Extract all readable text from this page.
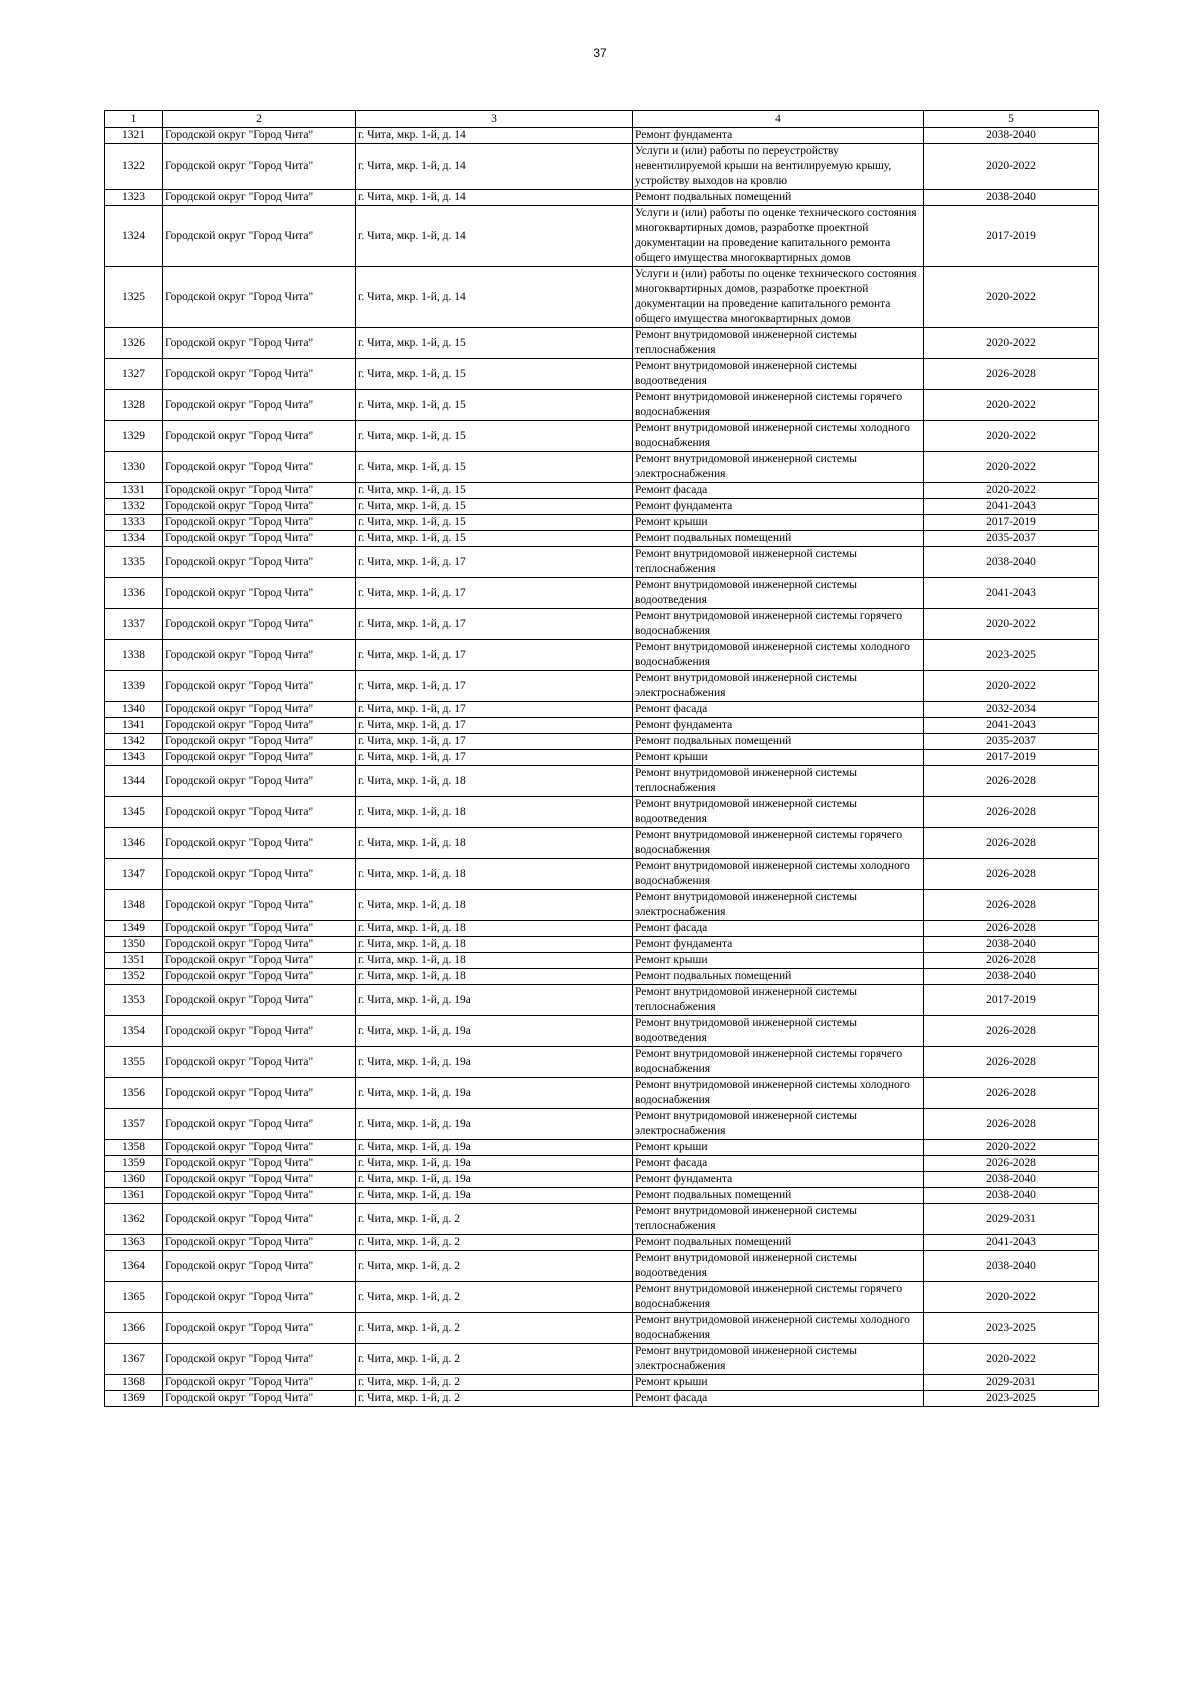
37
1	2	3	4	5
1321	Городской округ "Город Чита"	г. Чита, мкр. 1-й, д. 14	Ремонт фундамента	2038-2040
1322	Городской округ "Город Чита"	г. Чита, мкр. 1-й, д. 14	Услуги и (или) работы по переустройству невентилируемой крыши на вентилируемую крышу, устройству выходов на кровлю	2020-2022
1323	Городской округ "Город Чита"	г. Чита, мкр. 1-й, д. 14	Ремонт подвальных помещений	2038-2040
1324	Городской округ "Город Чита"	г. Чита, мкр. 1-й, д. 14	Услуги и (или) работы по оценке технического состояния многоквартирных домов, разработке проектной документации на проведение капитального ремонта общего имущества многоквартирных домов	2017-2019
1325	Городской округ "Город Чита"	г. Чита, мкр. 1-й, д. 14	Услуги и (или) работы по оценке технического состояния многоквартирных домов, разработке проектной документации на проведение капитального ремонта общего имущества многоквартирных домов	2020-2022
1326	Городской округ "Город Чита"	г. Чита, мкр. 1-й, д. 15	Ремонт внутридомовой инженерной системы теплоснабжения	2020-2022
1327	Городской округ "Город Чита"	г. Чита, мкр. 1-й, д. 15	Ремонт внутридомовой инженерной системы водоотведения	2026-2028
1328	Городской округ "Город Чита"	г. Чита, мкр. 1-й, д. 15	Ремонт внутридомовой инженерной системы горячего водоснабжения	2020-2022
1329	Городской округ "Город Чита"	г. Чита, мкр. 1-й, д. 15	Ремонт внутридомовой инженерной системы холодного водоснабжения	2020-2022
1330	Городской округ "Город Чита"	г. Чита, мкр. 1-й, д. 15	Ремонт внутридомовой инженерной системы электроснабжения	2020-2022
1331	Городской округ "Город Чита"	г. Чита, мкр. 1-й, д. 15	Ремонт фасада	2020-2022
1332	Городской округ "Город Чита"	г. Чита, мкр. 1-й, д. 15	Ремонт фундамента	2041-2043
1333	Городской округ "Город Чита"	г. Чита, мкр. 1-й, д. 15	Ремонт крыши	2017-2019
1334	Городской округ "Город Чита"	г. Чита, мкр. 1-й, д. 15	Ремонт подвальных помещений	2035-2037
1335	Городской округ "Город Чита"	г. Чита, мкр. 1-й, д. 17	Ремонт внутридомовой инженерной системы теплоснабжения	2038-2040
1336	Городской округ "Город Чита"	г. Чита, мкр. 1-й, д. 17	Ремонт внутридомовой инженерной системы водоотведения	2041-2043
1337	Городской округ "Город Чита"	г. Чита, мкр. 1-й, д. 17	Ремонт внутридомовой инженерной системы горячего водоснабжения	2020-2022
1338	Городской округ "Город Чита"	г. Чита, мкр. 1-й, д. 17	Ремонт внутридомовой инженерной системы холодного водоснабжения	2023-2025
1339	Городской округ "Город Чита"	г. Чита, мкр. 1-й, д. 17	Ремонт внутридомовой инженерной системы электроснабжения	2020-2022
1340	Городской округ "Город Чита"	г. Чита, мкр. 1-й, д. 17	Ремонт фасада	2032-2034
1341	Городской округ "Город Чита"	г. Чита, мкр. 1-й, д. 17	Ремонт фундамента	2041-2043
1342	Городской округ "Город Чита"	г. Чита, мкр. 1-й, д. 17	Ремонт подвальных помещений	2035-2037
1343	Городской округ "Город Чита"	г. Чита, мкр. 1-й, д. 17	Ремонт крыши	2017-2019
1344	Городской округ "Город Чита"	г. Чита, мкр. 1-й, д. 18	Ремонт внутридомовой инженерной системы теплоснабжения	2026-2028
1345	Городской округ "Город Чита"	г. Чита, мкр. 1-й, д. 18	Ремонт внутридомовой инженерной системы водоотведения	2026-2028
1346	Городской округ "Город Чита"	г. Чита, мкр. 1-й, д. 18	Ремонт внутридомовой инженерной системы горячего водоснабжения	2026-2028
1347	Городской округ "Город Чита"	г. Чита, мкр. 1-й, д. 18	Ремонт внутридомовой инженерной системы холодного водоснабжения	2026-2028
1348	Городской округ "Город Чита"	г. Чита, мкр. 1-й, д. 18	Ремонт внутридомовой инженерной системы электроснабжения	2026-2028
1349	Городской округ "Город Чита"	г. Чита, мкр. 1-й, д. 18	Ремонт фасада	2026-2028
1350	Городской округ "Город Чита"	г. Чита, мкр. 1-й, д. 18	Ремонт фундамента	2038-2040
1351	Городской округ "Город Чита"	г. Чита, мкр. 1-й, д. 18	Ремонт крыши	2026-2028
1352	Городской округ "Город Чита"	г. Чита, мкр. 1-й, д. 18	Ремонт подвальных помещений	2038-2040
1353	Городской округ "Город Чита"	г. Чита, мкр. 1-й, д. 19а	Ремонт внутридомовой инженерной системы теплоснабжения	2017-2019
1354	Городской округ "Город Чита"	г. Чита, мкр. 1-й, д. 19а	Ремонт внутридомовой инженерной системы водоотведения	2026-2028
1355	Городской округ "Город Чита"	г. Чита, мкр. 1-й, д. 19а	Ремонт внутридомовой инженерной системы горячего водоснабжения	2026-2028
1356	Городской округ "Город Чита"	г. Чита, мкр. 1-й, д. 19а	Ремонт внутридомовой инженерной системы холодного водоснабжения	2026-2028
1357	Городской округ "Город Чита"	г. Чита, мкр. 1-й, д. 19а	Ремонт внутридомовой инженерной системы электроснабжения	2026-2028
1358	Городской округ "Город Чита"	г. Чита, мкр. 1-й, д. 19а	Ремонт крыши	2020-2022
1359	Городской округ "Город Чита"	г. Чита, мкр. 1-й, д. 19а	Ремонт фасада	2026-2028
1360	Городской округ "Город Чита"	г. Чита, мкр. 1-й, д. 19а	Ремонт фундамента	2038-2040
1361	Городской округ "Город Чита"	г. Чита, мкр. 1-й, д. 19а	Ремонт подвальных помещений	2038-2040
1362	Городской округ "Город Чита"	г. Чита, мкр. 1-й, д. 2	Ремонт внутридомовой инженерной системы теплоснабжения	2029-2031
1363	Городской округ "Город Чита"	г. Чита, мкр. 1-й, д. 2	Ремонт подвальных помещений	2041-2043
1364	Городской округ "Город Чита"	г. Чита, мкр. 1-й, д. 2	Ремонт внутридомовой инженерной системы водоотведения	2038-2040
1365	Городской округ "Город Чита"	г. Чита, мкр. 1-й, д. 2	Ремонт внутридомовой инженерной системы горячего водоснабжения	2020-2022
1366	Городской округ "Город Чита"	г. Чита, мкр. 1-й, д. 2	Ремонт внутридомовой инженерной системы холодного водоснабжения	2023-2025
1367	Городской округ "Город Чита"	г. Чита, мкр. 1-й, д. 2	Ремонт внутридомовой инженерной системы электроснабжения	2020-2022
1368	Городской округ "Город Чита"	г. Чита, мкр. 1-й, д. 2	Ремонт крыши	2029-2031
1369	Городской округ "Город Чита"	г. Чита, мкр. 1-й, д. 2	Ремонт фасада	2023-2025
